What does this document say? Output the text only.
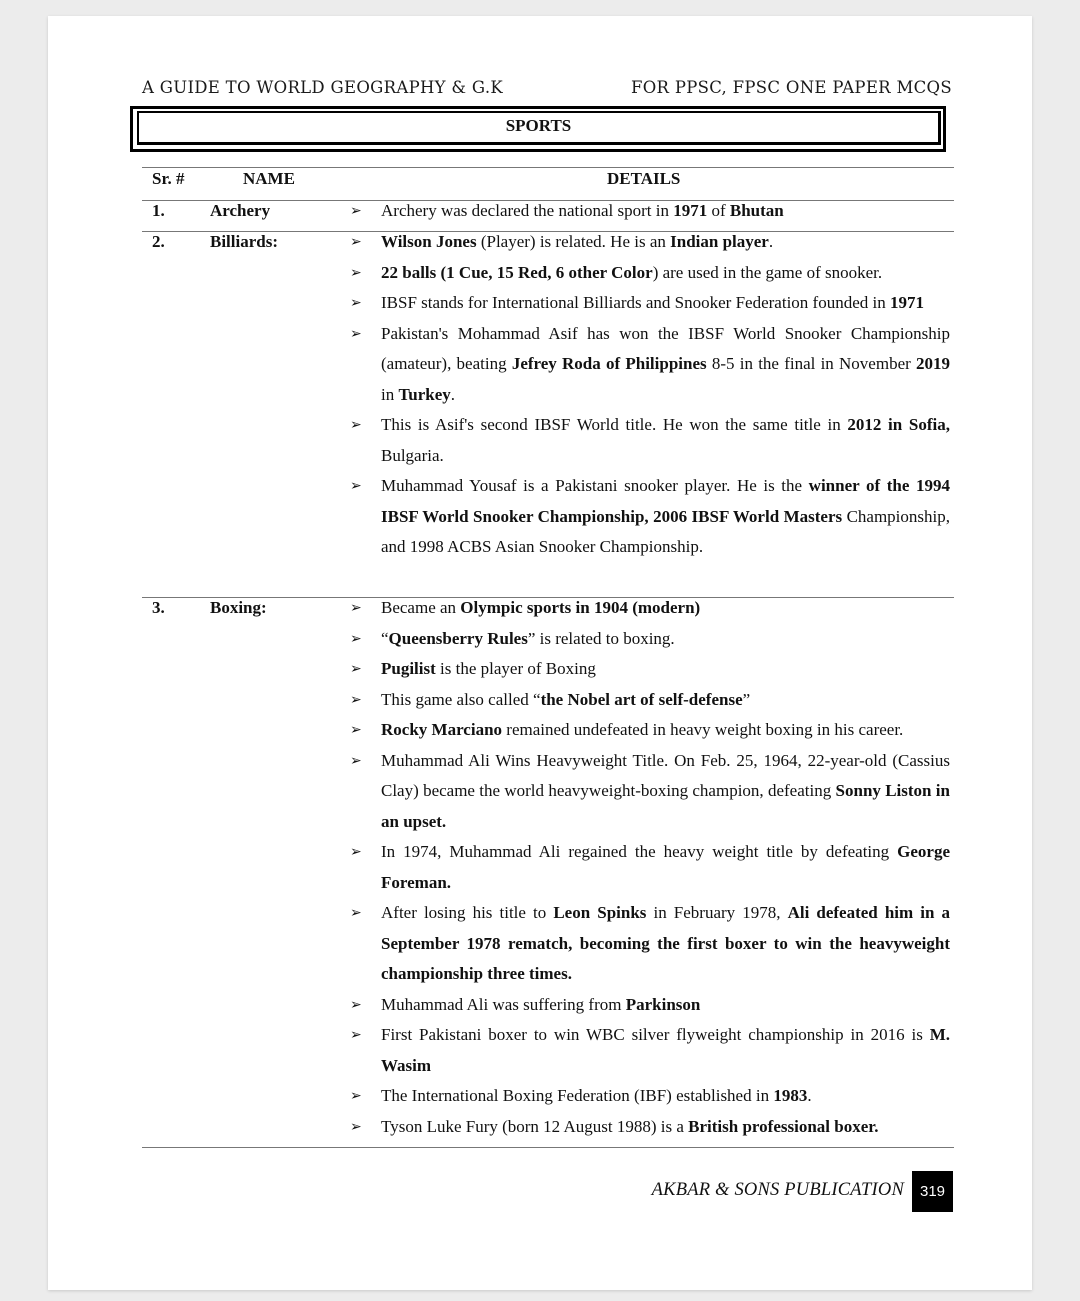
A GUIDE TO WORLD GEOGRAPHY & G.K	FOR PPSC, FPSC ONE PAPER MCQS
SPORTS
Sr. #	NAME	DETAILS
1.	Archery	➢ Archery was declared the national sport in 1971 of Bhutan
2.	Billiards:	➢ Wilson Jones (Player) is related. He is an Indian player.
➢ 22 balls (1 Cue, 15 Red, 6 other Color) are used in the game of snooker.
➢ IBSF stands for International Billiards and Snooker Federation founded in 1971
➢ Pakistan's Mohammad Asif has won the IBSF World Snooker Championship (amateur), beating Jefrey Roda of Philippines 8-5 in the final in November 2019 in Turkey.
➢ This is Asif's second IBSF World title. He won the same title in 2012 in Sofia, Bulgaria.
➢ Muhammad Yousaf is a Pakistani snooker player. He is the winner of the 1994 IBSF World Snooker Championship, 2006 IBSF World Masters Championship, and 1998 ACBS Asian Snooker Championship.
3.	Boxing:	➢ Became an Olympic sports in 1904 (modern)
➢ “Queensberry Rules” is related to boxing.
➢ Pugilist is the player of Boxing
➢ This game also called “the Nobel art of self-defense”
➢ Rocky Marciano remained undefeated in heavy weight boxing in his career.
➢ Muhammad Ali Wins Heavyweight Title. On Feb. 25, 1964, 22-year-old (Cassius Clay) became the world heavyweight-boxing champion, defeating Sonny Liston in an upset.
➢ In 1974, Muhammad Ali regained the heavy weight title by defeating George Foreman.
➢ After losing his title to Leon Spinks in February 1978, Ali defeated him in a September 1978 rematch, becoming the first boxer to win the heavyweight championship three times.
➢ Muhammad Ali was suffering from Parkinson
➢ First Pakistani boxer to win WBC silver flyweight championship in 2016 is M. Wasim
➢ The International Boxing Federation (IBF) established in 1983.
➢ Tyson Luke Fury (born 12 August 1988) is a British professional boxer.
AKBAR & SONS PUBLICATION	319
